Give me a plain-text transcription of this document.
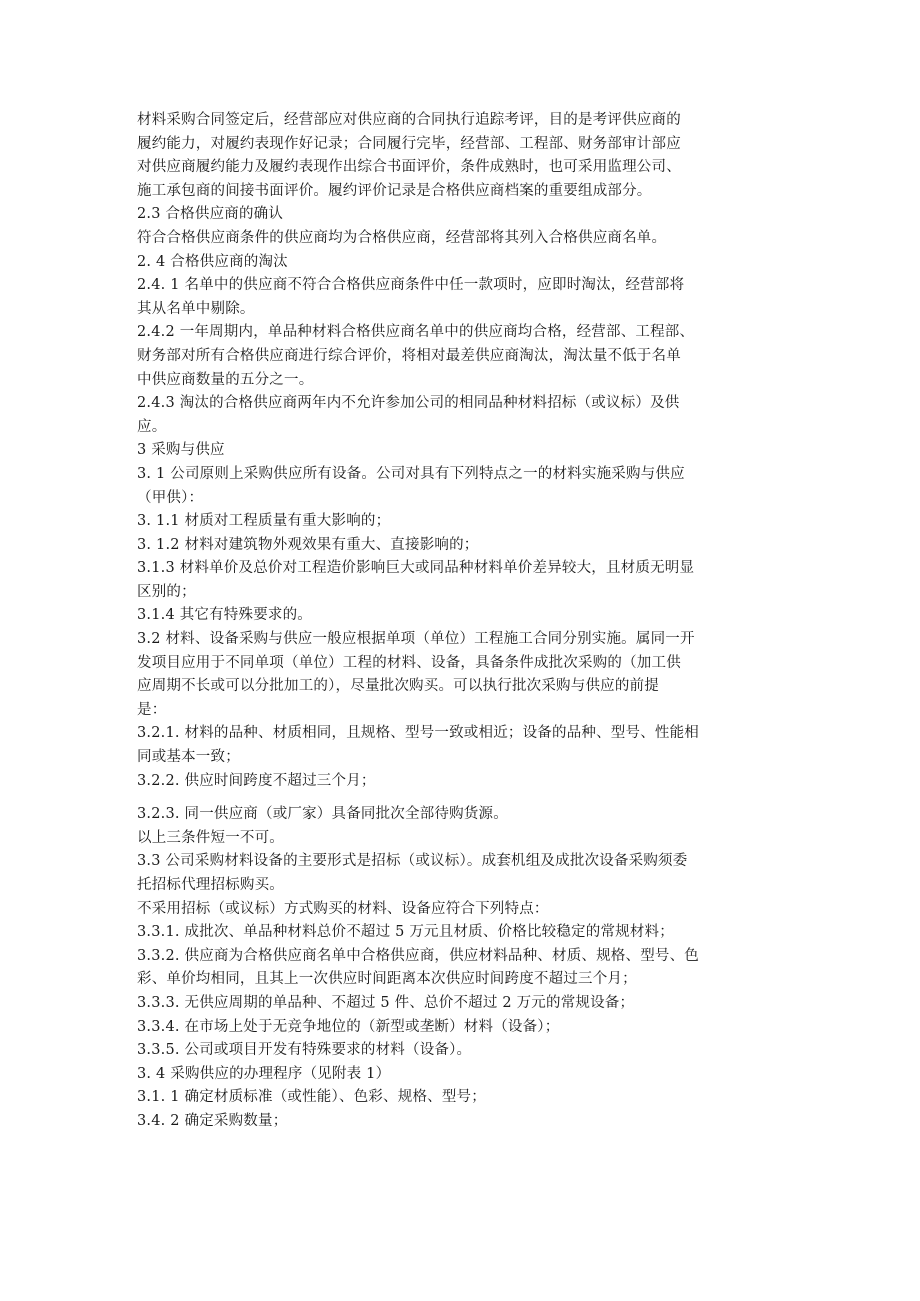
材料采购合同签定后，经营部应对供应商的合同执行追踪考评，目的是考评供应商的
履约能力，对履约表现作好记录；合同履行完毕，经营部、工程部、财务部审计部应
对供应商履约能力及履约表现作出综合书面评价，条件成熟时，也可采用监理公司、
施工承包商的间接书面评价。履约评价记录是合格供应商档案的重要组成部分。
2.3 合格供应商的确认
符合合格供应商条件的供应商均为合格供应商，经营部将其列入合格供应商名单。
2. 4 合格供应商的淘汰
2.4. 1 名单中的供应商不符合合格供应商条件中任一款项时，应即时淘汰，经营部将
其从名单中剔除。
2.4.2 一年周期内，单品种材料合格供应商名单中的供应商均合格，经营部、工程部、
财务部对所有合格供应商进行综合评价，将相对最差供应商淘汰，淘汰量不低于名单
中供应商数量的五分之一。
2.4.3 淘汰的合格供应商两年内不允许参加公司的相同品种材料招标（或议标）及供
应。
3 采购与供应
3. 1 公司原则上采购供应所有设备。公司对具有下列特点之一的材料实施采购与供应
（甲供）：
3. 1.1 材质对工程质量有重大影响的；
3. 1.2 材料对建筑物外观效果有重大、直接影响的；
3.1.3 材料单价及总价对工程造价影响巨大或同品种材料单价差异较大，且材质无明显
区别的；
3.1.4 其它有特殊要求的。
3.2 材料、设备采购与供应一般应根据单项（单位）工程施工合同分别实施。属同一开
发项目应用于不同单项（单位）工程的材料、设备，具备条件成批次采购的（加工供
应周期不长或可以分批加工的），尽量批次购买。可以执行批次采购与供应的前提
是：
3.2.1. 材料的品种、材质相同，且规格、型号一致或相近；设备的品种、型号、性能相
同或基本一致；
3.2.2. 供应时间跨度不超过三个月；
3.2.3. 同一供应商（或厂家）具备同批次全部待购货源。
以上三条件短一不可。
3.3 公司采购材料设备的主要形式是招标（或议标）。成套机组及成批次设备采购须委
托招标代理招标购买。
不采用招标（或议标）方式购买的材料、设备应符合下列特点：
3.3.1. 成批次、单品种材料总价不超过 5 万元且材质、价格比较稳定的常规材料；
3.3.2. 供应商为合格供应商名单中合格供应商，供应材料品种、材质、规格、型号、色
彩、单价均相同，且其上一次供应时间距离本次供应时间跨度不超过三个月；
3.3.3. 无供应周期的单品种、不超过 5 件、总价不超过 2 万元的常规设备；
3.3.4. 在市场上处于无竞争地位的（新型或垄断）材料（设备）；
3.3.5. 公司或项目开发有特殊要求的材料（设备）。
3. 4 采购供应的办理程序（见附表 1）
3.1. 1 确定材质标准（或性能）、色彩、规格、型号；
3.4. 2 确定采购数量；
